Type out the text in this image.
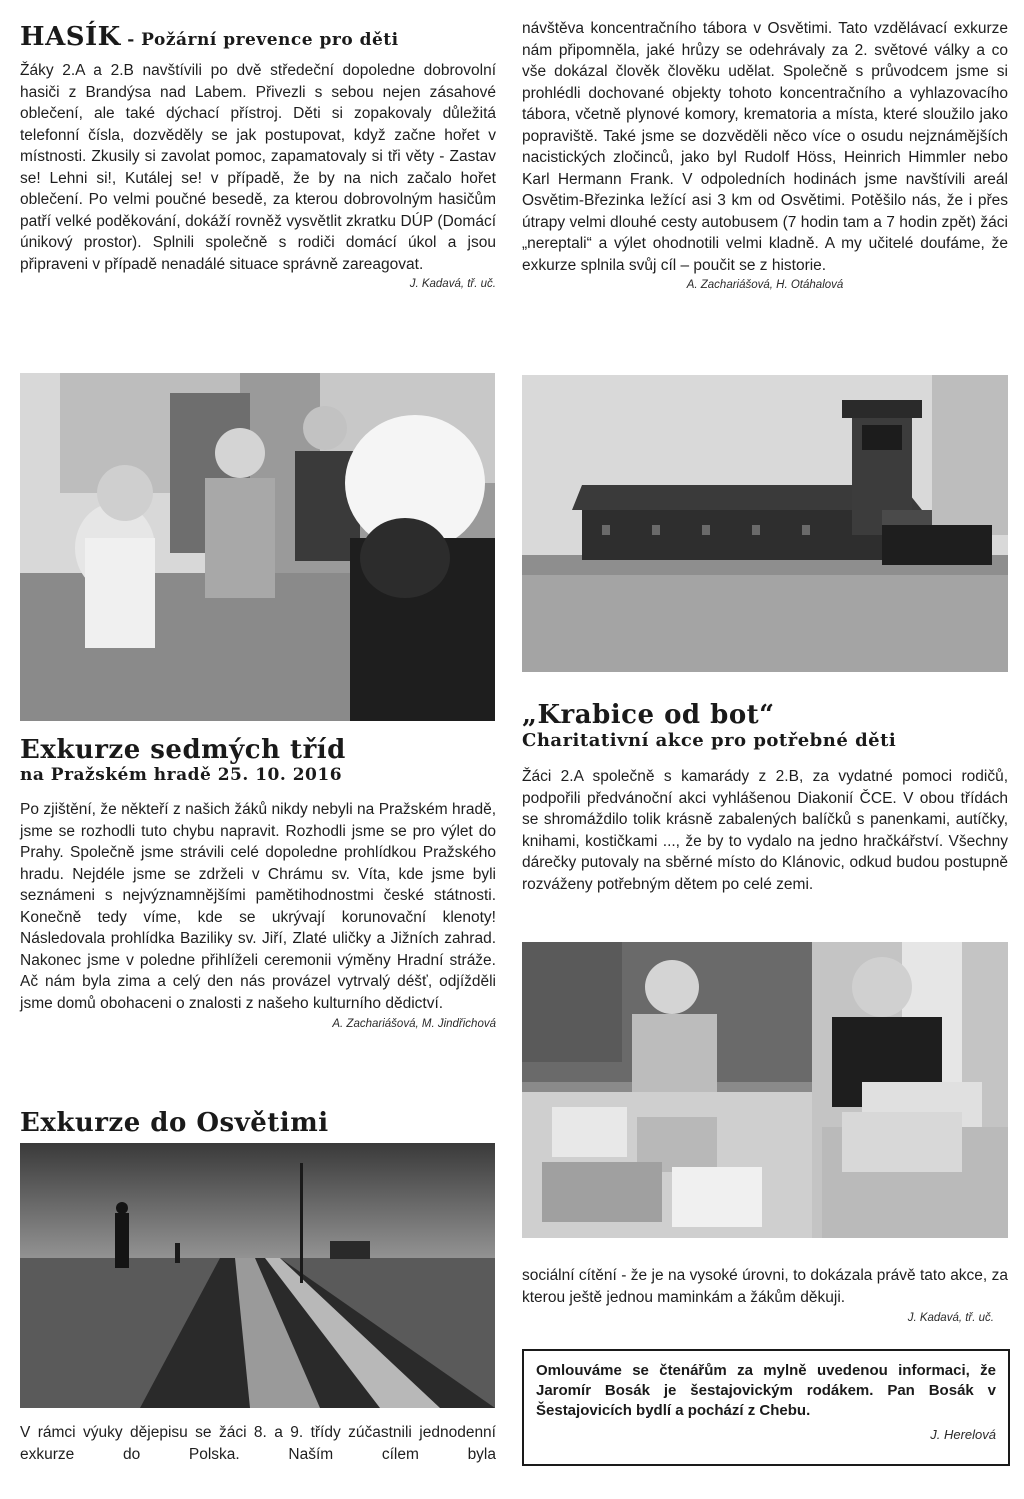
HASÍK - Požární prevence pro děti

Žáky 2.A a 2.B navštívili po dvě středeční dopoledne dobrovolní hasiči z Brandýsa nad Labem. Přivezli s sebou nejen zásahové oblečení, ale také dýchací přístroj. Děti si zopakovaly důležitá telefonní čísla, dozvěděly se jak postupovat, když začne hořet v místnosti. Zkusily si zavolat pomoc, zapamatovaly si tři věty - Zastav se! Lehni si!, Kutálej se! v případě, že by na nich začalo hořet oblečení. Po velmi poučné besedě, za kterou dobrovolným hasičům patří velké poděkování, dokáží rovněž vysvětlit zkratku DÚP (Domácí únikový prostor). Splnili společně s rodiči domácí úkol a jsou připraveni v případě nenadálé situace správně zareagovat.

J. Kadavá, tř. uč.
Exkurze sedmých tříd
na Pražském hradě 25. 10. 2016

Po zjištění, že někteří z našich žáků nikdy nebyli na Pražském hradě, jsme se rozhodli tuto chybu napravit. Rozhodli jsme se pro výlet do Prahy. Společně jsme strávili celé dopoledne prohlídkou Pražského hradu. Nejdéle jsme se zdrželi v Chrámu sv. Víta, kde jsme byli seznámeni s nejvýznamnějšími pamětihodnostmi české státnosti. Konečně tedy víme, kde se ukrývají korunovační klenoty! Následovala prohlídka Baziliky sv. Jiří, Zlaté uličky a Jižních zahrad. Nakonec jsme v poledne přihlíželi ceremonii výměny Hradní stráže. Ač nám byla zima a celý den nás provázel vytrvalý déšť, odjížděli jsme domů obohaceni o znalosti z našeho kulturního dědictví.

A. Zachariášová, M. Jindřichová
Exkurze do Osvětimi

V rámci výuky dějepisu se žáci 8. a 9. třídy zúčastnili jednodenní exkurze do Polska. Naším cílem byla

návštěva koncentračního tábora v Osvětimi. Tato vzdělávací exkurze nám připomněla, jaké hrůzy se odehrávaly za 2. světové války a co vše dokázal člověk člověku udělat. Společně s průvodcem jsme si prohlédli dochované objekty tohoto koncentračního a vyhlazovacího tábora, včetně plynové komory, krematoria a místa, které sloužilo jako popraviště. Také jsme se dozvěděli něco více o osudu nejznámějších nacistických zločinců, jako byl Rudolf Höss, Heinrich Himmler nebo Karl Hermann Frank. V odpoledních hodinách jsme navštívili areál Osvětim-Březinka ležící asi 3 km od Osvětimi. Potěšilo nás, že i přes útrapy velmi dlouhé cesty autobusem (7 hodin tam a 7 hodin zpět) žáci „nereptali“ a výlet ohodnotili velmi kladně. A my učitelé doufáme, že exkurze splnila svůj cíl – poučit se z historie.

A. Zachariášová, H. Otáhalová
„Krabice od bot“
Charitativní akce pro potřebné děti

Žáci 2.A společně s kamarády z 2.B, za vydatné pomoci rodičů, podpořili předvánoční akci vyhlášenou Diakonií ČCE. V obou třídách se shromáždilo tolik krásně zabalených balíčků s panenkami, autíčky, knihami, kostičkami ..., že by to vydalo na jedno hračkářství. Všechny dárečky putovaly na sběrné místo do Klánovic, odkud budou postupně rozváženy potřebným dětem po celé zemi.

sociální cítění - že je na vysoké úrovni, to dokázala právě tato akce, za kterou ještě jednou maminkám a žákům děkuji.

J. Kadavá, tř. uč.

Omlouváme se čtenářům za mylně uvedenou informaci, že Jaromír Bosák je šestajovickým rodákem. Pan Bosák v Šestajovicích bydlí a pochází z Chebu.

J. Herelová
